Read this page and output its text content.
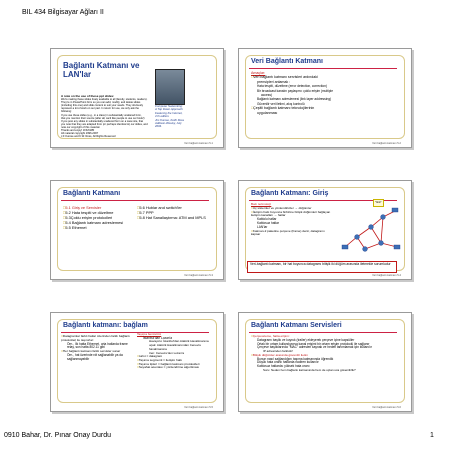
BIL 434 Bilgisayar Ağları II
Bağlantı Katmanı ve
LAN'lar
A note on the use of these ppt slides:
We're making these slides freely available to all (faculty, students, readers).
They're in PowerPoint form so you can add, modify, and delete slides
(including this one) and slide content to suit your needs. They obviously
represent a lot of work on our part. In return for use, we only ask the
following:
If you use these slides (e.g., in a class) in substantially unaltered form,
that you mention their source (after all, we'd like people to use our book!)
If you post any slides in substantially unaltered form on a www site, that
you note that they are adapted from (or perhaps identical to) our slides, and
note our copyright of this material.
Thanks and enjoy! JFK/KWR
All material copyright 1996-2007
J.F Kurose and K.W. Ross, All Rights Reserved
Computer Networking:
A Top Down Approach
Featuring the Internet,
4 th edition.
Jim Kurose, Keith Ross
Addison-Wesley, July
2004.
Veri bağlantı katmanı 5-1
Veri Bağlantı Katmanı
Amaçlar:
□ Veri bağlantı katmanı servisleri ardındaki
prensipleri anlamak :
Hata tespiti, düzeltme (error detection, correction)
Bir broadcast kanalın paylaşımı: çoklu erişim (multiple
access)
Bağlantı katmanı adreslemesi (link layer addressing)
Güvenilir veri iletimi, akış kontrolü
□ Çeşitli bağlantı katmanı teknolojilerinin
uygulanması
Veri bağlantı katmanı 5-2
Bağlantı Katmanı
□ 5.1 Giriş ve Servisler
□ 5.2 Hata tespiti ve düzeltme
□ 5.3Çoklu erişim protokolleri
□ 5.4 Bağlantı katmanı adreslemesi
□ 5.5 Ethernet
□ 5.6 Hublar and switch'ler
□ 5.7 PPP
□ 5.8 Hat Sanallaştırma: ATM and MPLS
Veri bağlantı katmanı 5-3
Bağlantı Katmanı: Giriş
Bazı terimoloji:
□ Uç sistemler ve yönlendiriciler → düğümler
□ İletişim hattı boyunca birbirine bitişik düğümleri bağlayan iletişim kanalları → hatlar
Kablolu hatlar
Kablosuz hatlar
LAN'lar
□ Katman-2 paketine çerçeve (frame) denir, datagramı kapsar
"link"
Veri-bağlantı katmanı, bir hat boyunca datagramı bitişik iki düğüm arasında iletmekle sorumludur
Veri bağlantı katmanı 5-4
Bağlantı katmanı: bağlam
□ Datagramlar farklı hatlar üzerinden farklı bağlantı protokolleri ile taşınırlar:
Örn., İlk hatta Ethernet, orta hatlarda frame relay, son hatta 802.11 gibi
□ Her bağlantı katmanı farklı servisler sunar
Örn., hat üzerinde rdt sağlanabilir ya da sağlanmayabilir
Taşıma benzetimi
İstanbul'dan Lozan'a
Havayolu: İstanbul'dan Atatürk Havalimanına
uçak: Atatürk Havalimanından Cenevre havalimanına
tren: Cenevre'den Lozan'a
□ turist = datagram
□ Taşıma segmenti = iletişim hattı
□ Taşıma tipleri = bağlantı katmanı protokolleri
□ Seyahat acentası = yönlendirme algoritması
Veri bağlantı katmanı 5-5
Bağlantı Katmanı Servisleri
□ Çerçeveleme, hatta erişim:
Datagramı başlık ve kuyruk (trailer) ekleyerek çerçeve içine kapsüller
Ortak bir ortam kullanılıyorsa kanal erişimi bir ortam erişim protokolü ile sağlanır
Çerçeve başlıklarında "MAC" adresleri kaynak ve hedefi tanımlamak için kullanılır
IP adresinden farklıdır!
□ Bitişik düğümler arasında güvenilir iletim
Bunun nasıl sağlandığını taşıma katmanında öğrendik
Düşük hata oranlı hatlarda nadiren kullanılır
Kablosuz hatlarda: yüksek hata oranı
Soru: Neden hem bağlantı katmanında hem de uçtan uca güvenilirlik?
Veri bağlantı katmanı 5-6
0910 Bahar, Dr. Pınar Onay Durdu	1
